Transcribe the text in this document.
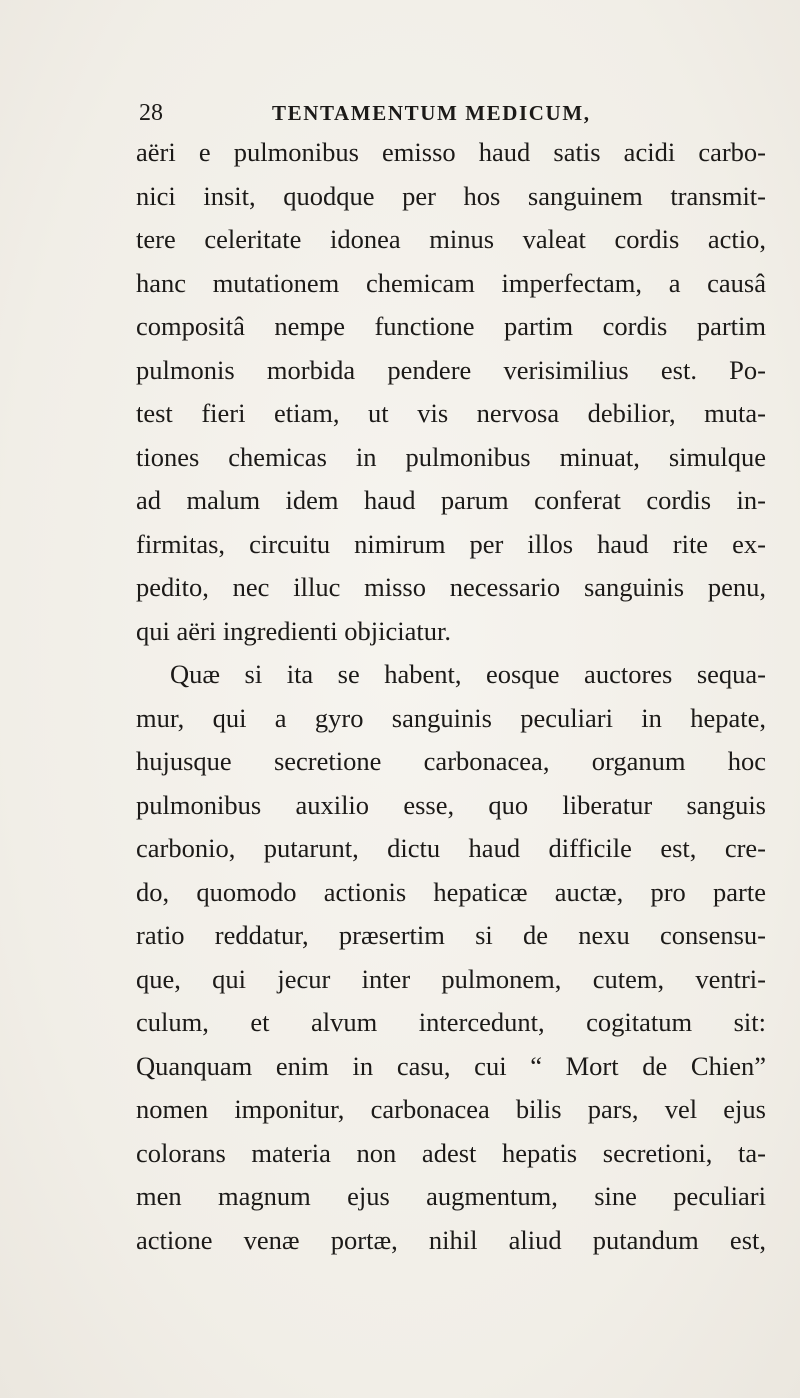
28	TENTAMENTUM MEDICUM,
aëri e pulmonibus emisso haud satis acidi carbo-
nici insit, quodque per hos sanguinem transmit-
tere celeritate idonea minus valeat cordis actio,
hanc mutationem chemicam imperfectam, a causâ
compositâ nempe functione partim cordis partim
pulmonis morbida pendere verisimilius est. Po-
test fieri etiam, ut vis nervosa debilior, muta-
tiones chemicas in pulmonibus minuat, simulque
ad malum idem haud parum conferat cordis in-
firmitas, circuitu nimirum per illos haud rite ex-
pedito, nec illuc misso necessario sanguinis penu,
qui aëri ingredienti objiciatur.
Quæ si ita se habent, eosque auctores sequa-
mur, qui a gyro sanguinis peculiari in hepate,
hujusque secretione carbonacea, organum hoc
pulmonibus auxilio esse, quo liberatur sanguis
carbonio, putarunt, dictu haud difficile est, cre-
do, quomodo actionis hepaticæ auctæ, pro parte
ratio reddatur, præsertim si de nexu consensu-
que, qui jecur inter pulmonem, cutem, ventri-
culum, et alvum intercedunt, cogitatum sit:
Quanquam enim in casu, cui “ Mort de Chien”
nomen imponitur, carbonacea bilis pars, vel ejus
colorans materia non adest hepatis secretioni, ta-
men magnum ejus augmentum, sine peculiari
actione venæ portæ, nihil aliud putandum est,
